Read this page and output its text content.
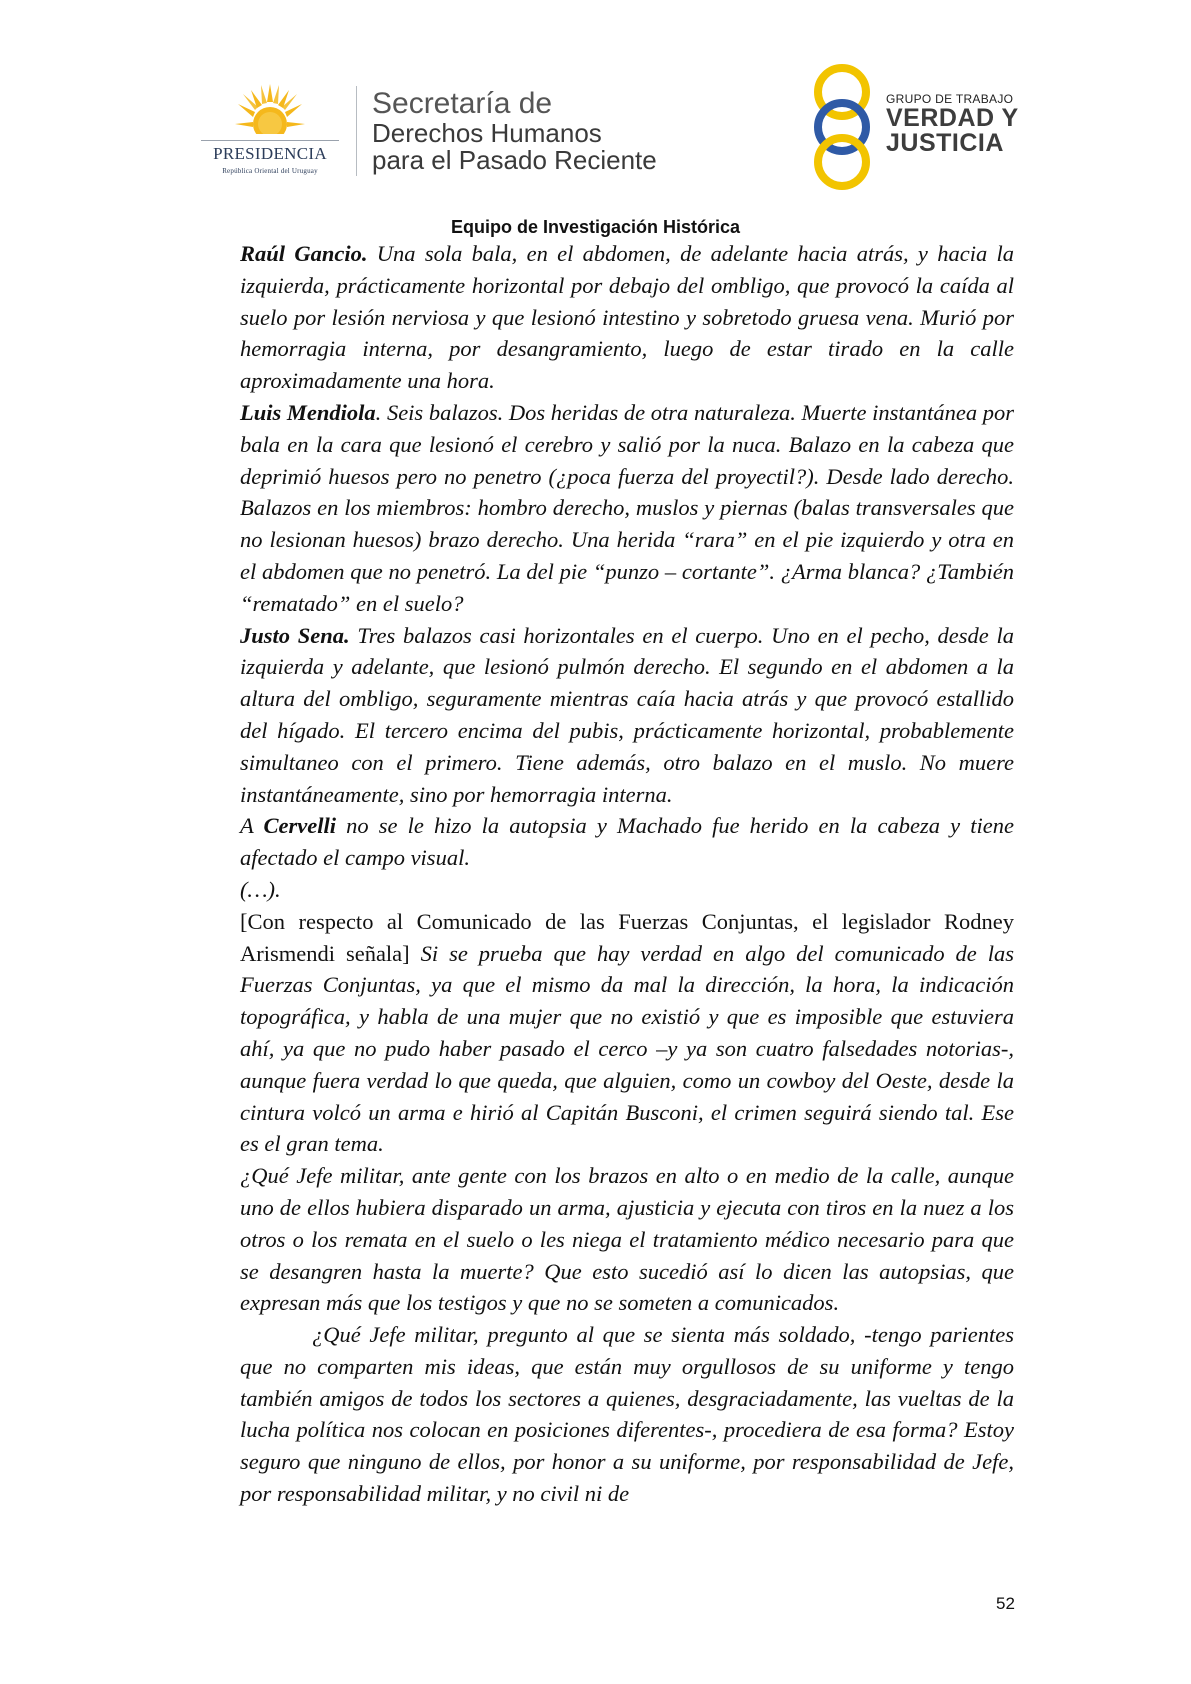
PRESIDENCIA
República Oriental del Uruguay
Secretaría de
Derechos Humanos
para el Pasado Reciente
GRUPO DE TRABAJO
VERDAD Y
JUSTICIA
Equipo de Investigación Histórica

Raúl Gancio. Una sola bala, en el abdomen, de adelante hacia atrás, y hacia la izquierda, prácticamente horizontal por debajo del ombligo, que provocó la caída al suelo por lesión nerviosa y que lesionó intestino y sobretodo gruesa vena. Murió por hemorragia interna, por desangramiento, luego de estar tirado en la calle aproximadamente una hora.

Luis Mendiola. Seis balazos. Dos heridas de otra naturaleza. Muerte instantánea por bala en la cara que lesionó el cerebro y salió por la nuca. Balazo en la cabeza que deprimió huesos pero no penetro (¿poca fuerza del proyectil?). Desde lado derecho. Balazos en los miembros: hombro derecho, muslos y piernas (balas transversales que no lesionan huesos) brazo derecho. Una herida “rara” en el pie izquierdo y otra en el abdomen que no penetró. La del pie “punzo – cortante”. ¿Arma blanca? ¿También “rematado” en el suelo?

Justo Sena. Tres balazos casi horizontales en el cuerpo. Uno en el pecho, desde la izquierda y adelante, que lesionó pulmón derecho. El segundo en el abdomen a la altura del ombligo, seguramente mientras caía hacia atrás y que provocó estallido del hígado. El tercero encima del pubis, prácticamente horizontal, probablemente simultaneo con el primero. Tiene además, otro balazo en el muslo. No muere instantáneamente, sino por hemorragia interna.

A Cervelli no se le hizo la autopsia y Machado fue herido en la cabeza y tiene afectado el campo visual.

(…).

[Con respecto al Comunicado de las Fuerzas Conjuntas, el legislador Rodney Arismendi señala] Si se prueba que hay verdad en algo del comunicado de las Fuerzas Conjuntas, ya que el mismo da mal la dirección, la hora, la indicación topográfica, y habla de una mujer que no existió y que es imposible que estuviera ahí, ya que no pudo haber pasado el cerco –y ya son cuatro falsedades notorias-, aunque fuera verdad lo que queda, que alguien, como un cowboy del Oeste, desde la cintura volcó un arma e hirió al Capitán Busconi, el crimen seguirá siendo tal. Ese es el gran tema.

¿Qué Jefe militar, ante gente con los brazos en alto o en medio de la calle, aunque uno de ellos hubiera disparado un arma, ajusticia y ejecuta con tiros en la nuez a los otros o los remata en el suelo o les niega el tratamiento médico necesario para que se desangren hasta la muerte? Que esto sucedió así lo dicen las autopsias, que expresan más que los testigos y que no se someten a comunicados.

¿Qué Jefe militar, pregunto al que se sienta más soldado, -tengo parientes que no comparten mis ideas, que están muy orgullosos de su uniforme y tengo también amigos de todos los sectores a quienes, desgraciadamente, las vueltas de la lucha política nos colocan en posiciones diferentes-, procediera de esa forma? Estoy seguro que ninguno de ellos, por honor a su uniforme, por responsabilidad de Jefe, por responsabilidad militar, y no civil ni de

52
